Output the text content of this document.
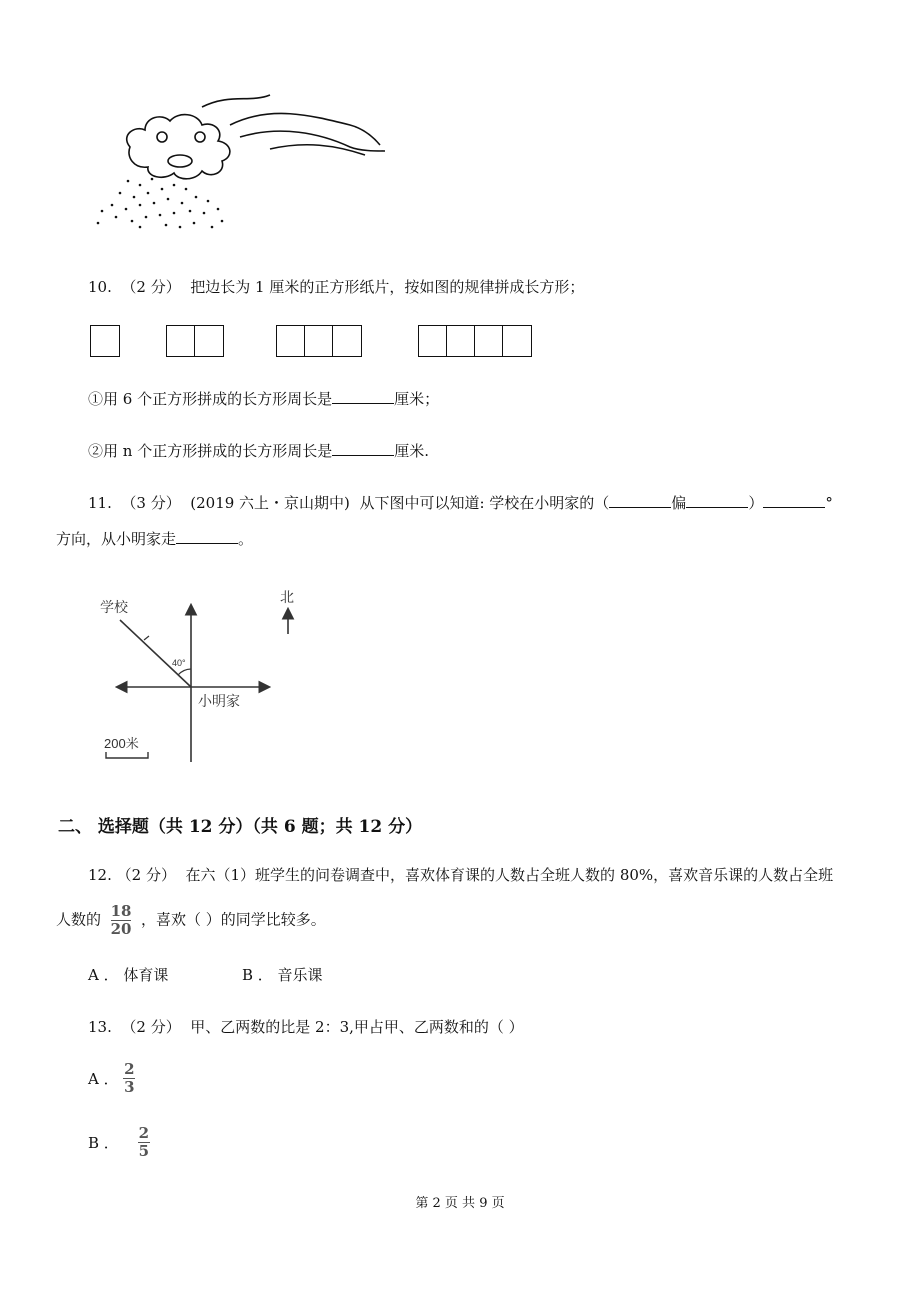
10. （2 分） 把边长为 1 厘米的正方形纸片，按如图的规律拼成长方形；
①用 6 个正方形拼成的长方形周长是	厘米；
②用 n 个正方形拼成的长方形周长是	厘米.
11. （3 分） (2019 六上・京山期中) 从下图中可以知道: 学校在小明家的（	偏	）	°
方向，从小明家走	。
学校
北
40°
小明家
200米
二、 选择题（共 12 分）（共 6 题；共 12 分）
12. （2 分） 在六（1）班学生的问卷调查中，喜欢体育课的人数占全班人数的 80%，喜欢音乐课的人数占全班
人数的 $\frac{18}{20}$ ，喜欢（ ）的同学比较多。
A ． 体育课	B ． 音乐课
13. （2 分） 甲、乙两数的比是 2：3,甲占甲、乙两数和的（ ）
A ． $\frac{2}{3}$
B ． $\frac{2}{5}$
第 2 页 共 9 页
